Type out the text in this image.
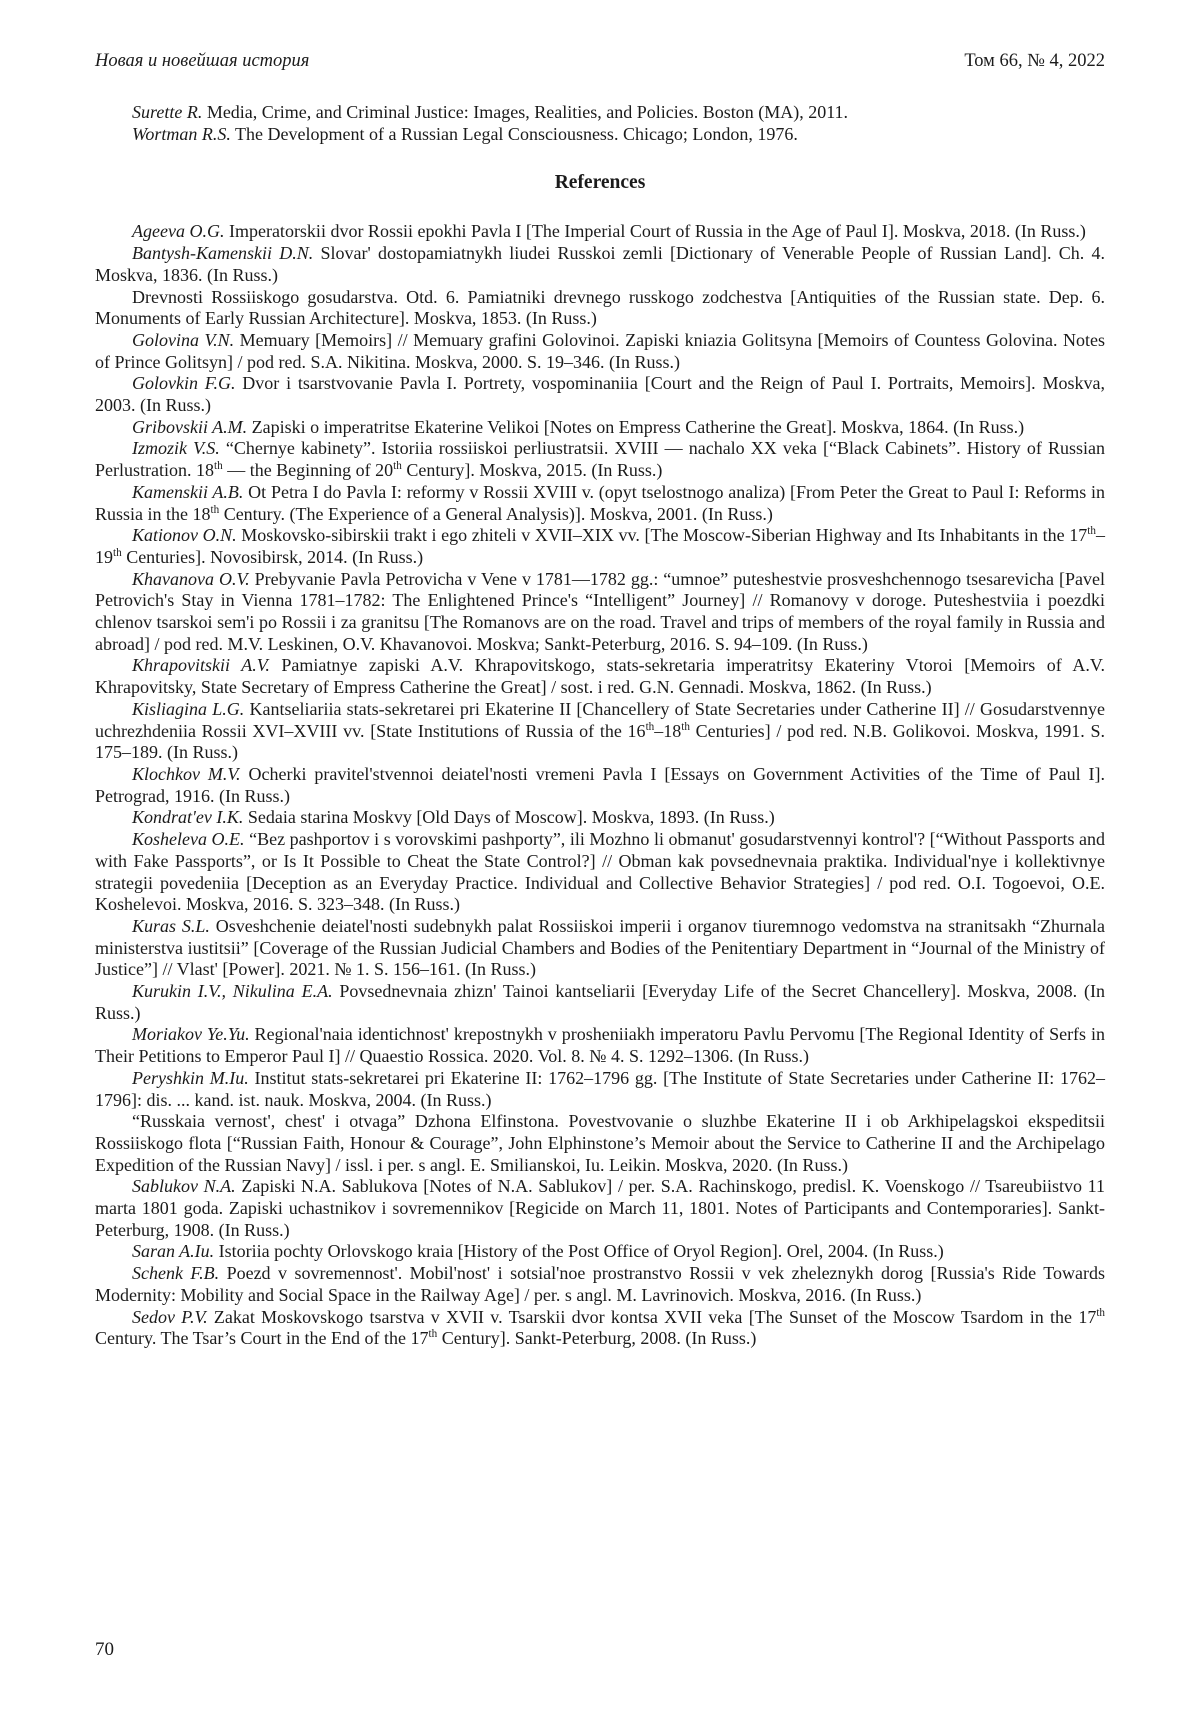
Новая и новейшая история	Том 66, № 4, 2022

Surette R. Media, Crime, and Criminal Justice: Images, Realities, and Policies. Boston (MA), 2011.

Wortman R.S. The Development of a Russian Legal Consciousness. Chicago; London, 1976.

References

Ageeva O.G. Imperatorskii dvor Rossii epokhi Pavla I [The Imperial Court of Russia in the Age of Paul I]. Moskva, 2018. (In Russ.)

Bantysh-Kamenskii D.N. Slovar' dostopamiatnykh liudei Russkoi zemli [Dictionary of Venerable People of Russian Land]. Ch. 4. Moskva, 1836. (In Russ.)

Drevnosti Rossiiskogo gosudarstva. Otd. 6. Pamiatniki drevnego russkogo zodchestva [Antiquities of the Russian state. Dep. 6. Monuments of Early Russian Architecture]. Moskva, 1853. (In Russ.)

Golovina V.N. Memuary [Memoirs] // Memuary grafini Golovinoi. Zapiski kniazia Golitsyna [Memoirs of Countess Golovina. Notes of Prince Golitsyn] / pod red. S.A. Nikitina. Moskva, 2000. S. 19–346. (In Russ.)

Golovkin F.G. Dvor i tsarstvovanie Pavla I. Portrety, vospominaniia [Court and the Reign of Paul I. Portraits, Memoirs]. Moskva, 2003. (In Russ.)

Gribovskii A.M. Zapiski o imperatritse Ekaterine Velikoi [Notes on Empress Catherine the Great]. Moskva, 1864. (In Russ.)

Izmozik V.S. “Chernye kabinety”. Istoriia rossiiskoi perliustratsii. XVIII — nachalo XX veka [“Black Cabinets”. History of Russian Perlustration. 18th — the Beginning of 20th Century]. Moskva, 2015. (In Russ.)

Kamenskii A.B. Ot Petra I do Pavla I: reformy v Rossii XVIII v. (opyt tselostnogo analiza) [From Peter the Great to Paul I: Reforms in Russia in the 18th Century. (The Experience of a General Analysis)]. Moskva, 2001. (In Russ.)

Kationov O.N. Moskovsko-sibirskii trakt i ego zhiteli v XVII–XIX vv. [The Moscow-Siberian Highway and Its Inhabitants in the 17th–19th Centuries]. Novosibirsk, 2014. (In Russ.)

Khavanova O.V. Prebyvanie Pavla Petrovicha v Vene v 1781—1782 gg.: “umnoe” puteshestvie prosveshchennogo tsesarevicha [Pavel Petrovich's Stay in Vienna 1781–1782: The Enlightened Prince's “Intelligent” Journey] // Romanovy v doroge. Puteshestviia i poezdki chlenov tsarskoi sem'i po Rossii i za granitsu [The Romanovs are on the road. Travel and trips of members of the royal family in Russia and abroad] / pod red. M.V. Leskinen, O.V. Khavanovoi. Moskva; Sankt-Peterburg, 2016. S. 94–109. (In Russ.)

Khrapovitskii A.V. Pamiatnye zapiski A.V. Khrapovitskogo, stats-sekretaria imperatritsy Ekateriny Vtoroi [Memoirs of A.V. Khrapovitsky, State Secretary of Empress Catherine the Great] / sost. i red. G.N. Gennadi. Moskva, 1862. (In Russ.)

Kisliagina L.G. Kantseliariia stats-sekretarei pri Ekaterine II [Chancellery of State Secretaries under Catherine II] // Gosudarstvennye uchrezhdeniia Rossii XVI–XVIII vv. [State Institutions of Russia of the 16th–18th Centuries] / pod red. N.B. Golikovoi. Moskva, 1991. S. 175–189. (In Russ.)

Klochkov M.V. Ocherki pravitel'stvennoi deiatel'nosti vremeni Pavla I [Essays on Government Activities of the Time of Paul I]. Petrograd, 1916. (In Russ.)

Kondrat'ev I.K. Sedaia starina Moskvy [Old Days of Moscow]. Moskva, 1893. (In Russ.)

Kosheleva O.E. “Bez pashportov i s vorovskimi pashporty”, ili Mozhno li obmanut' gosudarstvennyi kontrol'? [“Without Passports and with Fake Passports”, or Is It Possible to Cheat the State Control?] // Obman kak povsednevnaia praktika. Individual'nye i kollektivnye strategii povedeniia [Deception as an Everyday Practice. Individual and Collective Behavior Strategies] / pod red. O.I. Togoevoi, O.E. Koshelevoi. Moskva, 2016. S. 323–348. (In Russ.)

Kuras S.L. Osveshchenie deiatel'nosti sudebnykh palat Rossiiskoi imperii i organov tiuremnogo vedomstva na stranitsakh “Zhurnala ministerstva iustitsii” [Coverage of the Russian Judicial Chambers and Bodies of the Penitentiary Department in “Journal of the Ministry of Justice”] // Vlast' [Power]. 2021. № 1. S. 156–161. (In Russ.)

Kurukin I.V., Nikulina E.A. Povsednevnaia zhizn' Tainoi kantseliarii [Everyday Life of the Secret Chancellery]. Moskva, 2008. (In Russ.)

Moriakov Ye.Yu. Regional'naia identichnost' krepostnykh v prosheniiakh imperatoru Pavlu Pervomu [The Regional Identity of Serfs in Their Petitions to Emperor Paul I] // Quaestio Rossica. 2020. Vol. 8. № 4. S. 1292–1306. (In Russ.)

Peryshkin M.Iu. Institut stats-sekretarei pri Ekaterine II: 1762–1796 gg. [The Institute of State Secretaries under Catherine II: 1762–1796]: dis. ... kand. ist. nauk. Moskva, 2004. (In Russ.)

“Russkaia vernost', chest' i otvaga” Dzhona Elfinstona. Povestvovanie o sluzhbe Ekaterine II i ob Arkhipelagskoi ekspeditsii Rossiiskogo flota [“Russian Faith, Honour & Courage”, John Elphinstone’s Memoir about the Service to Catherine II and the Archipelago Expedition of the Russian Navy] / issl. i per. s angl. E. Smilianskoi, Iu. Leikin. Moskva, 2020. (In Russ.)

Sablukov N.A. Zapiski N.A. Sablukova [Notes of N.A. Sablukov] / per. S.A. Rachinskogo, predisl. K. Voenskogo // Tsareubiistvo 11 marta 1801 goda. Zapiski uchastnikov i sovremennikov [Regicide on March 11, 1801. Notes of Participants and Contemporaries]. Sankt-Peterburg, 1908. (In Russ.)

Saran A.Iu. Istoriia pochty Orlovskogo kraia [History of the Post Office of Oryol Region]. Orel, 2004. (In Russ.)

Schenk F.B. Poezd v sovremennost'. Mobil'nost' i sotsial'noe prostranstvo Rossii v vek zheleznykh dorog [Russia's Ride Towards Modernity: Mobility and Social Space in the Railway Age] / per. s angl. M. Lavrinovich. Moskva, 2016. (In Russ.)

Sedov P.V. Zakat Moskovskogo tsarstva v XVII v. Tsarskii dvor kontsa XVII veka [The Sunset of the Moscow Tsardom in the 17th Century. The Tsar’s Court in the End of the 17th Century]. Sankt-Peterburg, 2008. (In Russ.)

70
